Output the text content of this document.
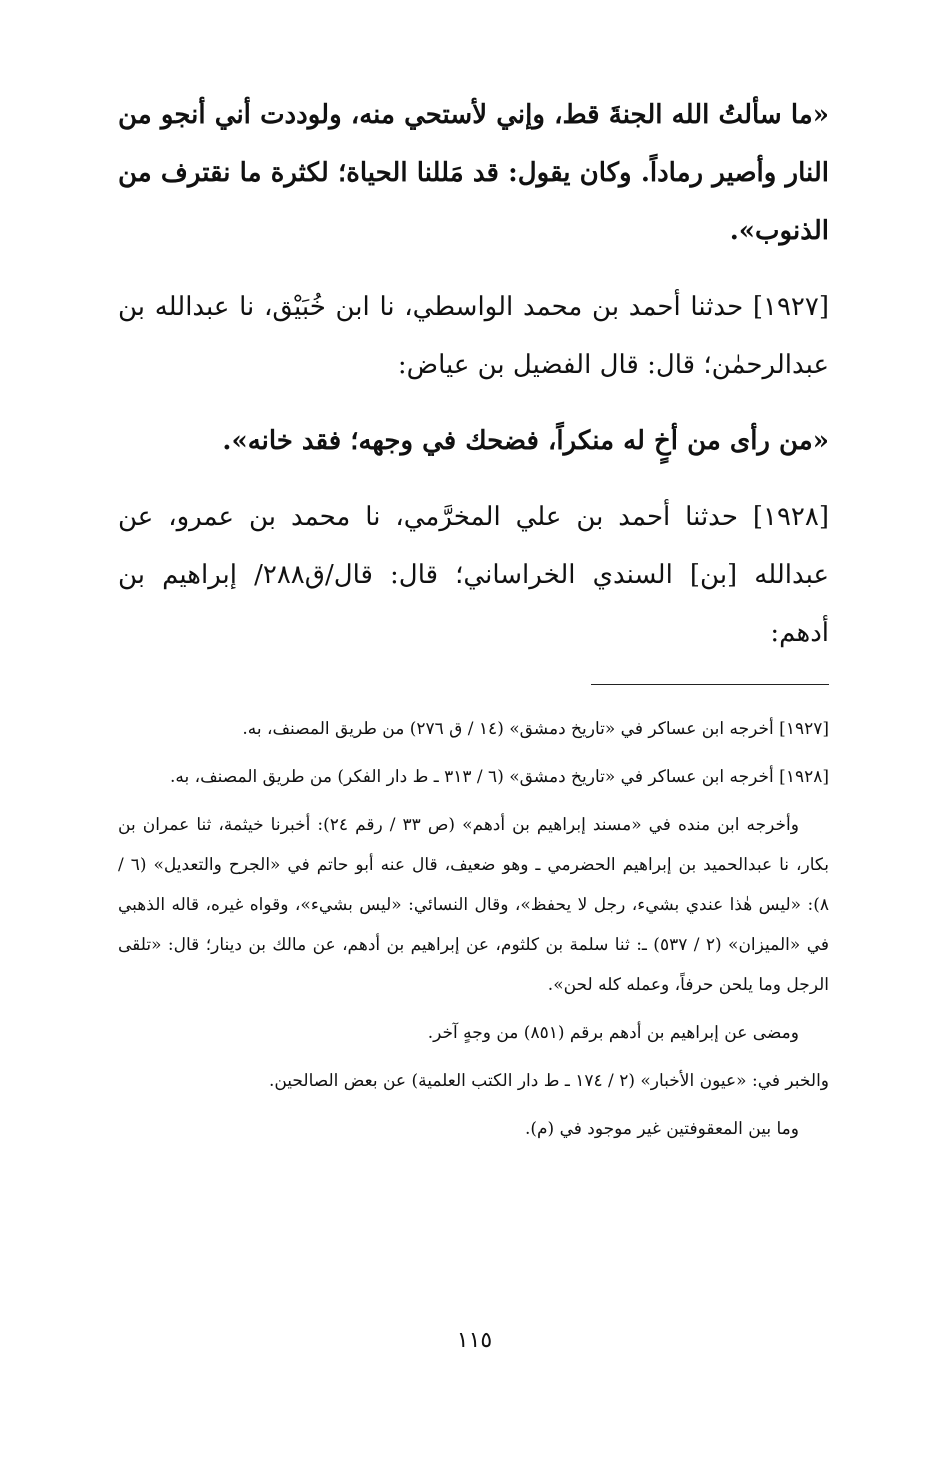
«ما سألتُ الله الجنةَ قط، وإني لأستحي منه، ولوددت أني أنجو من النار وأصير رماداً. وكان يقول: قد مَللنا الحياة؛ لكثرة ما نقترف من الذنوب».

[١٩٢٧] حدثنا أحمد بن محمد الواسطي، نا ابن خُبَيْق، نا عبدالله بن عبدالرحمٰن؛ قال: قال الفضيل بن عياض:

«من رأى من أخٍ له منكراً، فضحك في وجهه؛ فقد خانه».

[١٩٢٨] حدثنا أحمد بن علي المخرَّمي، نا محمد بن عمرو، عن عبدالله [بن] السندي الخراساني؛ قال: قال/ق٢٨٨/ إبراهيم بن أدهم:

[١٩٢٧] أخرجه ابن عساكر في «تاريخ دمشق» (١٤ / ق ٢٧٦) من طريق المصنف، به.

[١٩٢٨] أخرجه ابن عساكر في «تاريخ دمشق» (٦ / ٣١٣ ـ ط دار الفكر) من طريق المصنف، به.

وأخرجه ابن منده في «مسند إبراهيم بن أدهم» (ص ٣٣ / رقم ٢٤): أخبرنا خيثمة، ثنا عمران بن بكار، نا عبدالحميد بن إبراهيم الحضرمي ـ وهو ضعيف، قال عنه أبو حاتم في «الجرح والتعديل» (٦ / ٨): «ليس هٰذا عندي بشيء، رجل لا يحفظ»، وقال النسائي: «ليس بشيء»، وقواه غيره، قاله الذهبي في «الميزان» (٢ / ٥٣٧) ـ: ثنا سلمة بن كلثوم، عن إبراهيم بن أدهم، عن مالك بن دينار؛ قال: «تلقى الرجل وما يلحن حرفاً، وعمله كله لحن».

ومضى عن إبراهيم بن أدهم برقم (٨٥١) من وجهٍ آخر.

والخبر في: «عيون الأخبار» (٢ / ١٧٤ ـ ط دار الكتب العلمية) عن بعض الصالحين.

وما بين المعقوفتين غير موجود في (م).

١١٥
